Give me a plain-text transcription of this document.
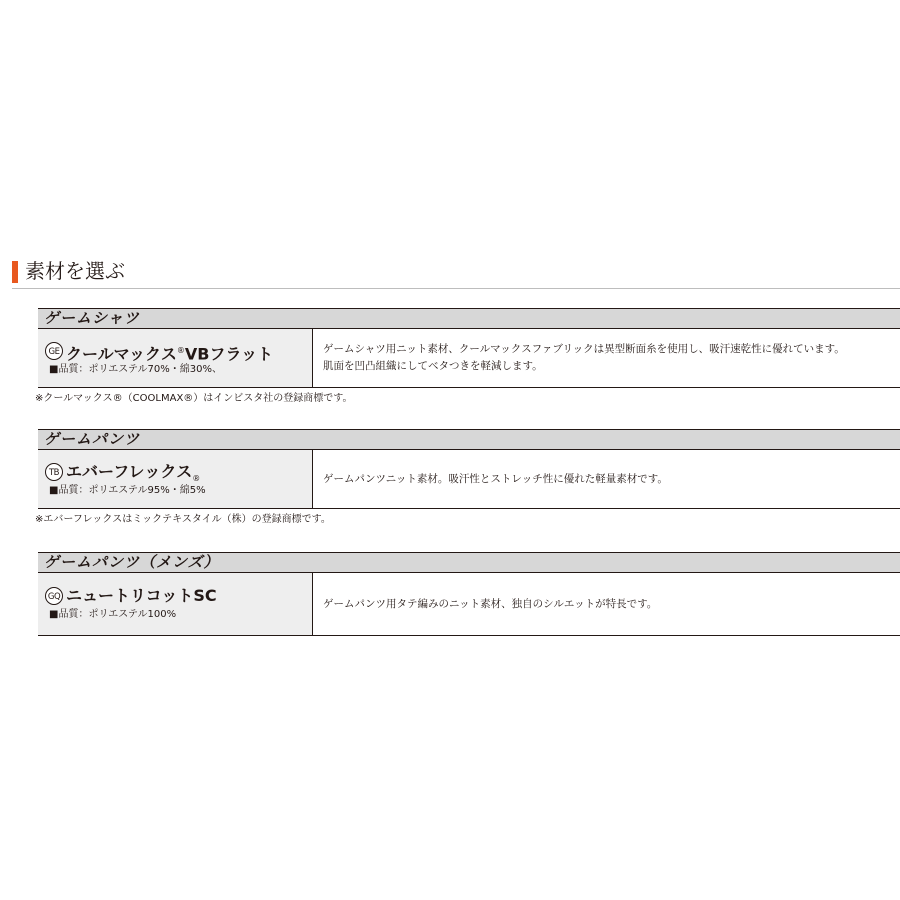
素材を選ぶ
ゲームシャツ
GE クールマックス®VBフラット
■品質：ポリエステル70%・綿30%、
ゲームシャツ用ニット素材、クールマックスファブリックは異型断面糸を使用し、吸汗速乾性に優れています。
肌面を凹凸組織にしてベタつきを軽減します。
※クールマックス®（COOLMAX®）はインビスタ社の登録商標です。
ゲームパンツ
TB エバーフレックス$_®$
■品質：ポリエステル95%・綿5%
ゲームパンツニット素材。吸汗性とストレッチ性に優れた軽量素材です。
※エバーフレックスはミックテキスタイル（株）の登録商標です。
ゲームパンツ（メンズ）
GQ ニュートリコットSC
■品質：ポリエステル100%
ゲームパンツ用タテ編みのニット素材、独自のシルエットが特長です。
